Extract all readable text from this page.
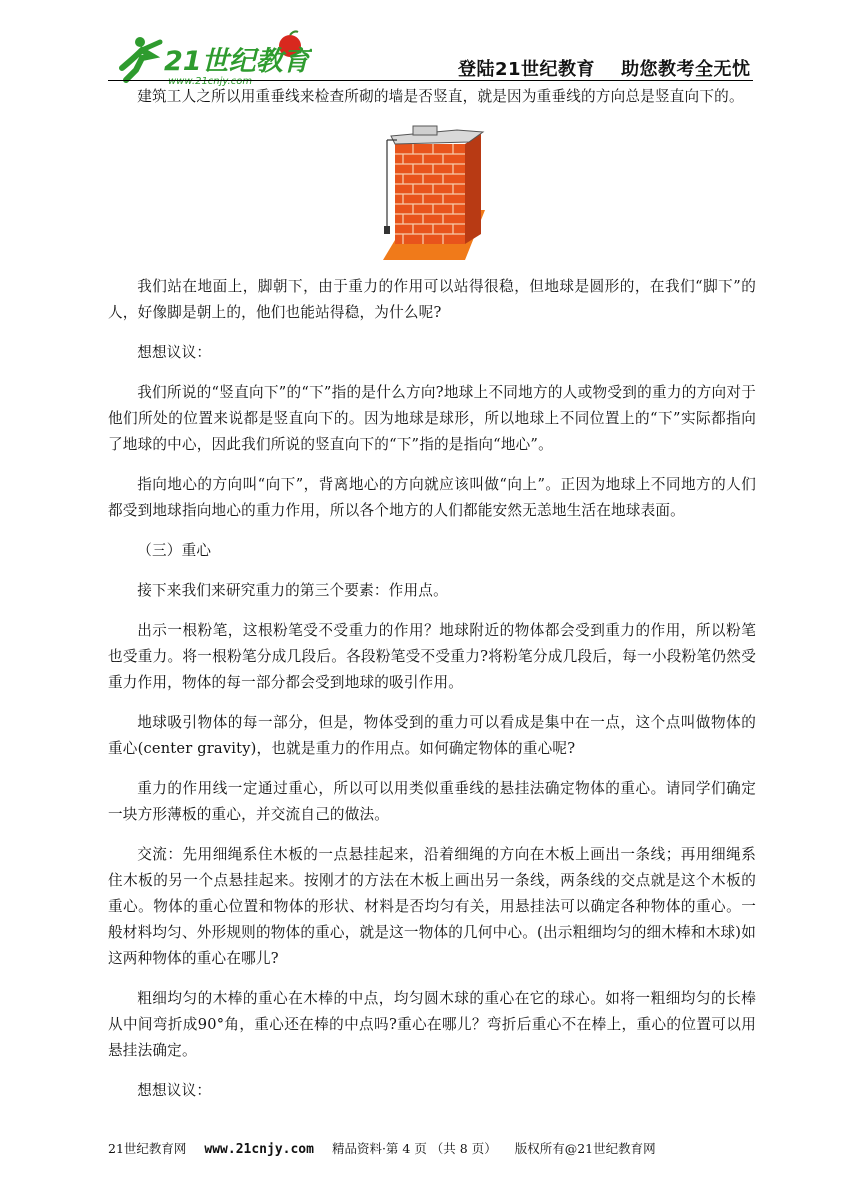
21世纪教育
www.21cnjy.com
登陆21世纪教育 助您教考全无忧

建筑工人之所以用重垂线来检查所砌的墙是否竖直，就是因为重垂线的方向总是竖直向下的。

我们站在地面上，脚朝下，由于重力的作用可以站得很稳，但地球是圆形的，在我们“脚下”的人，好像脚是朝上的，他们也能站得稳，为什么呢?

想想议议：

我们所说的“竖直向下”的“下”指的是什么方向?地球上不同地方的人或物受到的重力的方向对于他们所处的位置来说都是竖直向下的。因为地球是球形，所以地球上不同位置上的“下”实际都指向了地球的中心，因此我们所说的竖直向下的“下”指的是指向“地心”。

指向地心的方向叫“向下”，背离地心的方向就应该叫做“向上”。正因为地球上不同地方的人们都受到地球指向地心的重力作用，所以各个地方的人们都能安然无恙地生活在地球表面。

（三）重心

接下来我们来研究重力的第三个要素：作用点。

出示一根粉笔，这根粉笔受不受重力的作用？地球附近的物体都会受到重力的作用，所以粉笔也受重力。将一根粉笔分成几段后。各段粉笔受不受重力?将粉笔分成几段后，每一小段粉笔仍然受重力作用，物体的每一部分都会受到地球的吸引作用。

地球吸引物体的每一部分，但是，物体受到的重力可以看成是集中在一点，这个点叫做物体的重心(center gravity)，也就是重力的作用点。如何确定物体的重心呢?

重力的作用线一定通过重心，所以可以用类似重垂线的悬挂法确定物体的重心。请同学们确定一块方形薄板的重心，并交流自己的做法。

交流：先用细绳系住木板的一点悬挂起来，沿着细绳的方向在木板上画出一条线；再用细绳系住木板的另一个点悬挂起来。按刚才的方法在木板上画出另一条线，两条线的交点就是这个木板的重心。物体的重心位置和物体的形状、材料是否均匀有关，用悬挂法可以确定各种物体的重心。一般材料均匀、外形规则的物体的重心，就是这一物体的几何中心。(出示粗细均匀的细木棒和木球)如这两种物体的重心在哪儿?

粗细均匀的木棒的重心在木棒的中点，均匀圆木球的重心在它的球心。如将一粗细均匀的长棒从中间弯折成90°角，重心还在棒的中点吗?重心在哪儿？弯折后重心不在棒上，重心的位置可以用悬挂法确定。

想想议议：

21世纪教育网 www.21cnjy.com 精品资料·第 4 页 （共 8 页） 版权所有@21世纪教育网
